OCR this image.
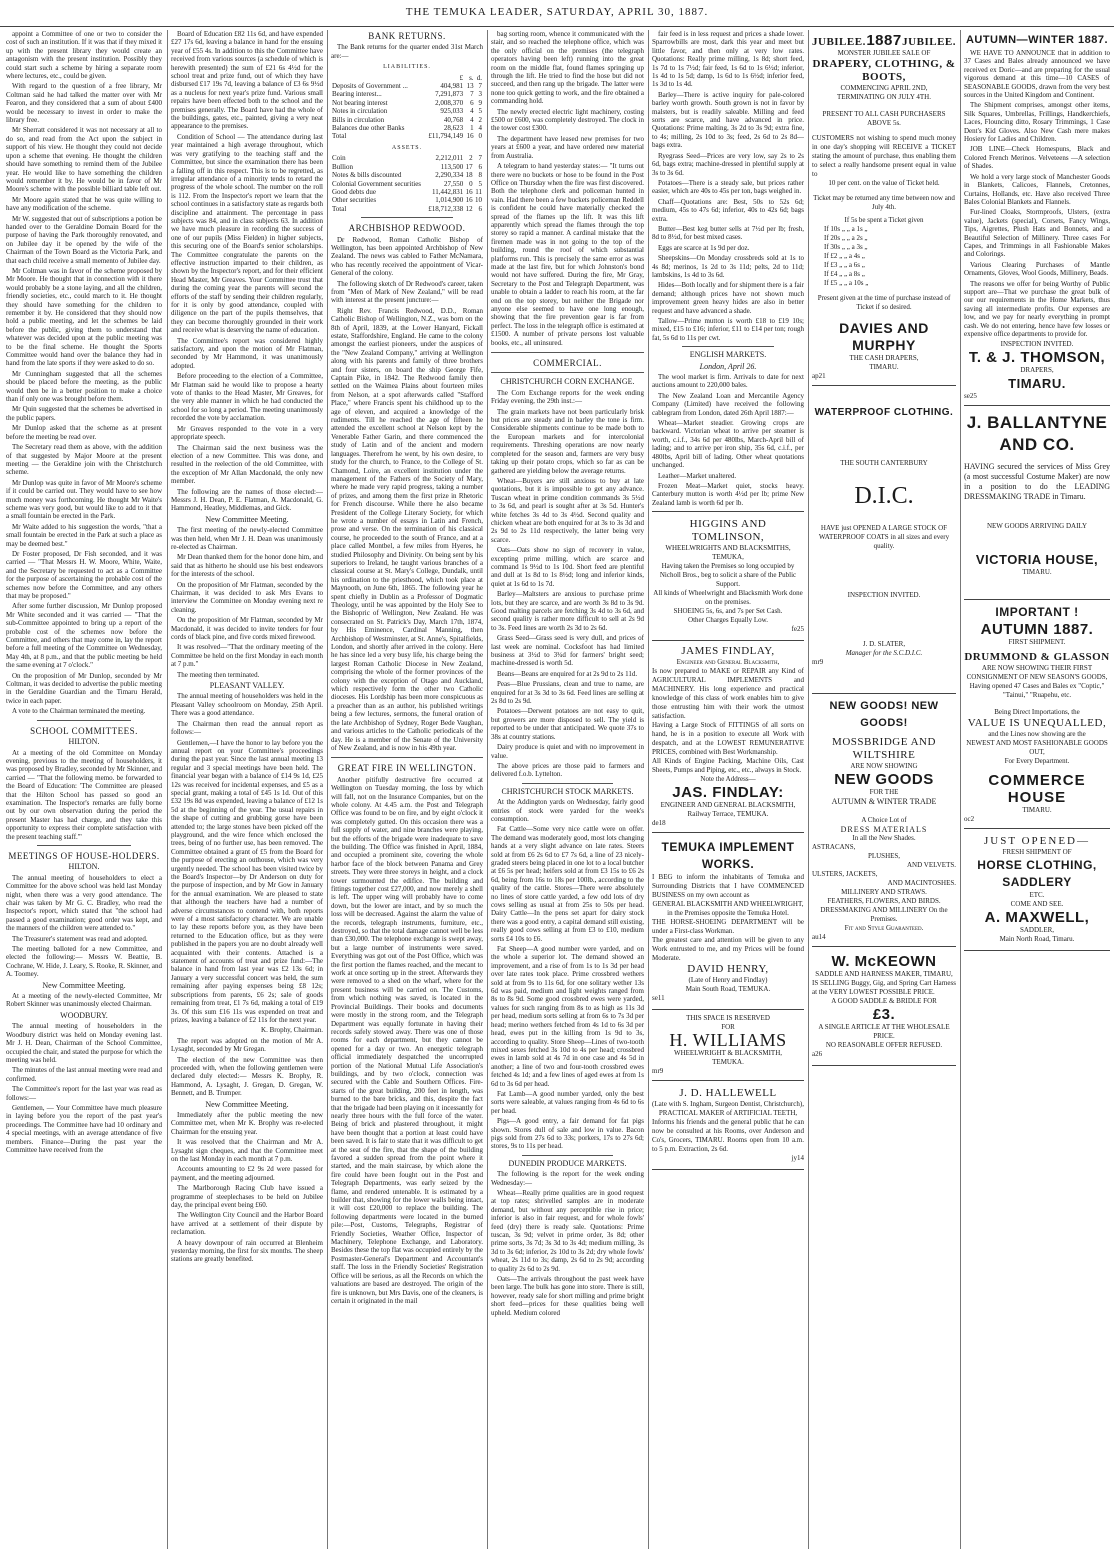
THE TEMUKA LEADER, SATURDAY, APRIL 30, 1887.

appoint a Committee of one or two to consider the cost of such an institution. If it was that if they mixed it up with the present library they would create an antagonism with the present institution. Possibly they could start such a scheme by hiring a separate room where lectures, etc., could be given.

With regard to the question of a free library, Mr Coltman said he had talked the matter over with Mr Fearon, and they considered that a sum of about £400 would be necessary to invest in order to make the library free.

Mr Sherratt considered it was not necessary at all to do so, and read from the Act upon the subject in support of his view. He thought they could not decide upon a scheme that evening. He thought the children should have something to remind them of the Jubilee year. He would like to have something the children would remember it by. He would be in favor of Mr Moore's scheme with the possible billiard table left out.

Mr Moore again stated that he was quite willing to have any modification of the scheme.

Mr W. suggested that out of subscriptions a potion be handed over to the Geraldine Domain Board for the purpose of having the Park thoroughly renovated, and on Jubilee day it be opened by the wife of the Chairman of the Town Board as the Victoria Park, and that each child receive a small memento of Jubilee day.

Mr Coltman was in favor of the scheme proposed by Mr Moore. He thought that in connection with it there would probably be a stone laying, and all the children, friendly societies, etc., could march to it. He thought they should have something for the children to remember it by. He considered that they should now hold a public meeting, and let the schemes be laid before the public, giving them to understand that whatever was decided upon at the public meeting was to be the final scheme. He thought the Sports Committee would hand over the balance they had in hand from the late sports if they were asked to do so.

Mr Cunningham suggested that all the schemes should be placed before the meeting, as the public would then be in a better position to make a choice than if only one was brought before them.

Mr Quin suggested that the schemes be advertised in the public papers.

Mr Dunlop asked that the scheme as at present before the meeting be read over.

The Secretary read them as above, with the addition of that suggested by Major Moore at the present meeting — the Geraldine join with the Christchurch scheme.

Mr Dunlop was quite in favor of Mr Moore's scheme if it could be carried out. They would have to see how much money was forthcoming. He thought Mr Waite's scheme was very good, but would like to add to it that a small fountain be erected in the Park.

Mr Waite added to his suggestion the words, "that a small fountain be erected in the Park at such a place as may be deemed best."

Dr Foster proposed, Dr Fish seconded, and it was carried — "That Messrs H. W. Moore, White, Waite, and the Secretary be requested to act as a Committee for the purpose of ascertaining the probable cost of the schemes now before the Committee, and any others that may be proposed."

After some further discussion, Mr Dunlop proposed Mr White seconded and it was carried — "That the sub-Committee appointed to bring up a report of the probable cost of the schemes now before the Committee, and others that may come in, lay the report before a full meeting of the Committee on Wednesday, May 4th, at 8 p.m., and that the public meeting be held the same evening at 7 o'clock."

On the proposition of Mr Dunlop, seconded by Mr Coltman, it was decided to advertise the public meeting in the Geraldine Guardian and the Timaru Herald, twice in each paper.

A vote to the Chairman terminated the meeting.

SCHOOL COMMITTEES.
HILTON.

At a meeting of the old Committee on Monday evening, previous to the meeting of householders, it was proposed by Bradley, seconded by Mr Skinner, and carried — "That the following memo. be forwarded to the Board of Education: 'The Committee are pleased that the Hilton School has passed so good an examination. The Inspector's remarks are fully borne out by our own observation during the period the present Master has had charge, and they take this opportunity to express their complete satisfaction with the present teaching staff.'"

MEETINGS OF HOUSE-HOLDERS.
HILTON.

The annual meeting of householders to elect a Committee for the above school was held last Monday night, when there was a very good attendance. The chair was taken by Mr G. C. Bradley, who read the Inspector's report, which stated that "the school had passed a good examination; good order was kept, and the manners of the children were attended to."

The Treasurer's statement was read and adopted.

The meeting balloted for a new Committee, and elected the following:— Messrs W. Beattie, B. Cochrane, W. Hide, J. Leary, S. Rooke, R. Skinner, and A. Toomey.

New Committee Meeting.

At a meeting of the newly-elected Committee, Mr Robert Skinner was unanimously elected Chairman.

WOODBURY.

The annual meeting of householders in the Woodbury district was held on Monday evening last. Mr J. H. Dean, Chairman of the School Committee, occupied the chair, and stated the purpose for which the meeting was held.

The minutes of the last annual meeting were read and confirmed.

The Committee's report for the last year was read as follows:—

Gentlemen, — Your Committee have much pleasure in laying before you the report of the past year's proceedings. The Committee have had 10 ordinary and 4 special meetings, with an average attendance of five members. Finance—During the past year the Committee have received from the

Board of Education £82 11s 6d, and have expended £27 17s 6d, leaving a balance in hand for the ensuing year of £55 4s. In addition to this the Committee have received from various sources (a schedule of which is herewith presented) the sum of £21 6s 4½d for the school treat and prize fund, out of which they have disbursed £17 19s 7d, leaving a balance of £3 6s 9½d as a nucleus for next year's prize fund. Various small repairs have been effected both to the school and the premises generally. The Board have had the whole of the buildings, gates, etc., painted, giving a very neat appearance to the premises.

Condition of School — The attendance during last year maintained a high average throughout, which was very gratifying to the teaching staff and the Committee, but since the examination there has been a falling off in this respect. This is to be regretted, as irregular attendance of a minority tends to retard the progress of the whole school. The number on the roll is 112. From the Inspector's report we learn that the school continues in a satisfactory state as regards both discipline and attainment. The percentage in pass subjects was 84, and in class subjects 63. In addition we have much pleasure in recording the success of one of our pupils (Miss Fielden) in higher subjects, this securing one of the Board's senior scholarships. The Committee congratulate the parents on the effective instruction imparted to their children, as shown by the Inspector's report, and for their efficient Head Master, Mr Greaves. Your Committee trust that during the coming year the parents will second the efforts of the staff by sending their children regularly, for it is only by good attendance, coupled with diligence on the part of the pupils themselves, that they can become thoroughly grounded in their work and receive what is deserving the name of education.

The Committee's report was considered highly satisfactory, and upon the motion of Mr Flatman, seconded by Mr Hammond, it was unanimously adopted.

Before proceeding to the election of a Committee, Mr Flatman said he would like to propose a hearty vote of thanks to the Head Master, Mr Greaves, for the very able manner in which he had conducted the school for so long a period. The meeting unanimously recorded the vote by acclamation.

Mr Greaves responded to the vote in a very appropriate speech.

The Chairman said the next business was the election of a new Committee. This was done, and resulted in the reelection of the old Committee, with the exception of Mr Allan Macdonald, the only new member.

The following are the names of those elected:— Messrs J. H. Dean, P. E. Flatman, A. Macdonald, G. Hammond, Heatley, Middlemas, and Gick.

New Committee Meeting.

The first meeting of the newly-elected Committee was then held, when Mr J. H. Dean was unanimously re-elected as Chairman.

Mr Dean thanked them for the honor done him, and said that as hitherto he should use his best endeavors for the interests of the school.

On the proposition of Mr Flatman, seconded by the Chairman, it was decided to ask Mrs Evans to interview the Committee on Monday evening next re cleaning.

On the proposition of Mr Flatman, seconded by Mr Macdonald, it was decided to invite tenders for four cords of black pine, and five cords mixed firewood.

It was resolved—"That the ordinary meeting of the Committee be held on the first Monday in each month at 7 p.m."

The meeting then terminated.

PLEASANT VALLEY.

The annual meeting of householders was held in the Pleasant Valley schoolroom on Monday, 25th April. There was a good attendance.

The Chairman then read the annual report as follows:—

Gentlemen,—I have the honor to lay before you the annual report on your Committee's proceedings during the past year. Since the last annual meeting 13 regular and 3 special meetings have been held. The financial year began with a balance of £14 9s 1d, £25 12s was received for incidental expenses, and £5 as a special grant, making a total of £45 1s 1d. Out of this £32 19s 8d was expended, leaving a balance of £12 1s 5d at the beginning of the year. The usual repairs in the shape of cutting and grubbing gorse have been attended to; the large stones have been picked off the playground, and the wire fence which enclosed the trees, being of no further use, has been removed. The Committee obtained a grant of £5 from the Board for the purpose of erecting an outhouse, which was very urgently needed. The school has been visited twice by the Board's Inspector—by Dr Anderson on duty for the purpose of inspection, and by Mr Gow in January for the annual examination. We are pleased to state that although the teachers have had a number of adverse circumstances to contend with, both reports were of a most satisfactory character. We are unable to lay these reports before you, as they have been returned to the Education office, but as they were published in the papers you are no doubt already well acquainted with their contents. Attached is a statement of accounts of treat and prize fund:—The balance in hand from last year was £2 13s 6d; in January a very successful concert was held, the sum remaining after paying expenses being £8 12s; subscriptions from parents, £6 2s; sale of goods remaining from treat, £1 7s 6d, making a total of £19 3s. Of this sum £16 11s was expended on treat and prizes, leaving a balance of £2 11s for the next year.

K. Brophy, Chairman.

The report was adopted on the motion of Mr A. Lysaght, seconded by Mr Gregan.

The election of the new Committee was then proceeded with, when the following gentlemen were declared duly elected:— Messrs K. Brophy, R. Hammond, A. Lysaght, J. Gregan, D. Gregan, W. Bennett, and B. Trumper.

New Committee Meeting.

Immediately after the public meeting the new Committee met, when Mr K. Brophy was re-elected Chairman for the ensuing year.

It was resolved that the Chairman and Mr A. Lysaght sign cheques, and that the Committee meet on the last Monday in each month at 7 p.m.

Accounts amounting to £2 9s 2d were passed for payment, and the meeting adjourned.

The Marlborough Racing Club have issued a programme of steeplechases to be held on Jubilee day, the principal event being £60.

The Wellington City Council and the Harbor Board have arrived at a settlement of their dispute by reclamation.

A heavy downpour of rain occurred at Blenheim yesterday morning, the first for six months. The sheep stations are greatly benefited.

BANK RETURNS.

The Bank returns for the quarter ended 31st March are:—

LIABILITIES.
	£	s.	d.
Deposits of Government ...	404,981	13	7
Bearing interest...	7,291,873	7	3
Not bearing interest	2,008,370	6	9
Notes in circulation	925,033	4	5
Bills in circulation	40,768	4	2
Balances due other Banks	28,623	1	4
Total	£11,794,149	16	0
ASSETS.
Coin	2,212,011	2	7
Bullion	113,500	17	6
Notes & bills discounted	2,290,334	18	8
Colonial Government securities	27,550	0	5
Good debts due	11,442,831	16	11
Other securities	1,014,900	16	10
Total	£18,712,338	12	6
ARCHBISHOP REDWOOD.

Dr Redwood, Roman Catholic Bishop of Wellington, has been appointed Archbishop of New Zealand. The news was cabled to Father McNamara, who has recently received the appointment of Vicar-General of the colony.

The following sketch of Dr Redwood's career, taken from "Men of Mark of New Zealand," will be read with interest at the present juncture:—

Right Rev. Francis Redwood, D.D., Roman Catholic Bishop of Wellington, N.Z., was born on the 8th of April, 1839, at the Lower Hanyard, Fickall estate, Staffordshire, England. He came to the colony amongst the earliest pioneers, under the auspices of the "New Zealand Company," arriving at Wellington along with his parents and family of three brothers and four sisters, on board the ship George Fife, Captain Pike, in 1842. The Redwood family then settled on the Waimea Plains about fourteen miles from Nelson, at a spot afterwards called "Stafford Place," where Francis spent his childhood up to the age of eleven, and acquired a knowledge of the rudiments. Till he reached the age of fifteen he attended the excellent school at Nelson kept by the Venerable Father Garin, and there commenced the study of Latin and of the ancient and modern languages. Therefrom he went, by his own desire, to study for the church, to France, to the College of St. Chamond, Loire, an excellent institution under the management of the Fathers of the Society of Mary, where he made very rapid progress, taking a number of prizes, and among them the first prize in Rhetoric for French discourse. While there he also became President of the College Literary Society, for which he wrote a number of essays in Latin and French, prose and verse. On the termination of his classical course, he proceeded to the south of France, and at a place called Montbel, a few miles from Hyeres, he studied Philosophy and Divinity. On being sent by his superiors to Ireland, he taught various branches of a classical course at St. Mary's College, Dundalk, until his ordination to the priesthood, which took place at Maynooth, on June 6th, 1865. The following year he spent chiefly in Dublin as a Professor of Dogmatic Theology, until he was appointed by the Holy See to the Bishopric of Wellington, New Zealand. He was consecrated on St. Patrick's Day, March 17th, 1874, by His Eminence, Cardinal Manning, then Archbishop of Westminster, at St. Anne's, Spitalfields, London, and shortly after arrived in the colony. Here he has since led a very busy life, his charge being the largest Roman Catholic Diocese in New Zealand, comprising the whole of the former provinces of the colony with the exception of Otago and Auckland, which respectively form the other two Catholic dioceses. His Lordship has been more conspicuous as a preacher than as an author, his published writings being a few lectures, sermons, the funeral oration of the late Archbishop of Sydney, Roger Bede Vaughan, and various articles to the Catholic periodicals of the day. He is a member of the Senate of the University of New Zealand, and is now in his 49th year.

GREAT FIRE IN WELLINGTON.

Another pitifully destructive fire occurred at Wellington on Tuesday morning, the loss by which will fall, not on the Insurance Companies, but on the whole colony. At 4.45 a.m. the Post and Telegraph Office was found to be on fire, and by eight o'clock it was completely gutted. On this occasion there was a full supply of water, and nine branches were playing, but the efforts of the brigade were inadequate to save the building. The Office was finished in April, 1884, and occupied a prominent site, covering the whole harbor face of the block between Panama and Grey streets. They were three storeys in height, and a clock tower surmounted the edifice. The building and fittings together cost £27,000, and now merely a shell is left. The upper wing will probably have to come down, but the lower are intact, and by so much the loss will be decreased. Against the alarm the value of the records, telegraph instruments, furniture, etc., destroyed, so that the total damage cannot well be less than £30,000. The telephone exchange is swept away, but a large number of instruments were saved. Everything was got out of the Post Office, which was the first portion the flames reached, and the mecant to work at once sorting up in the street. Afterwards they were removed to a shed on the wharf, where for the present business will be carried on. The Customs, from which nothing was saved, is located in the Provincial Buildings. Their books and documents were mostly in the strong room, and the Telegraph Department was equally fortunate in having their records safely stowed away. There was one of those rooms for each department, but they cannot be opened for a day or two. An energetic telegraph official immediately despatched the uncorrupted portion of the National Mutual Life Association's buildings, and by two o'clock, connection was secured with the Cable and Southern Offices. Fire-starts of the great building, 200 feet in length, was burned to the bare bricks, and this, despite the fact that the brigade had been playing on it incessantly for nearly three hours with the full force of the water. Being of brick and plastered throughout, it might have been thought that a portion at least could have been saved. It is fair to state that it was difficult to get at the seat of the fire, that the shape of the building favored a sudden spread from the point where it started, and the main staircase, by which alone the fire could have been fought out in the Post and Telegraph Departments, was early seized by the flame, and rendered untenable. It is estimated by a builder that, showing for the lower walls being intact, it will cost £20,000 to replace the building. The following departments were located in the burned pile:—Post, Customs, Telegraphs, Registrar of Friendly Societies, Weather Office, Inspector of Machinery, Telephone Exchange, and Laboratory. Besides these the top flat was occupied entirely by the Postmaster-General's Department and Accountant's staff. The loss in the Friendly Societies' Registration Office will be serious, as all the Records on which the valuations are based are destroyed. The origin of the fire is unknown, but Mrs Davis, one of the cleaners, is certain it originated in the mail

bag sorting room, whence it communicated with the stair, and so reached the telephone office, which was the only official on the premises (the telegraph operators having been left) running into the great room on the middle flat, found flames springing up through the lift. He tried to find the hose but did not succeed, and then rang up the brigade. The latter were none too quick getting to work, and the fire obtained a commanding hold.

The newly erected electric light machinery, costing £500 or £600, was completely destroyed. The clock in the tower cost £300.

The department have leased new premises for two years at £600 a year, and have ordered new material from Australia.

A telegram to hand yesterday states:— "It turns out there were no buckets or hose to be found in the Post Office on Thursday when the fire was first discovered. Both the telephone clerk and policeman hunted in vain. Had there been a few buckets policeman Reddell is confident he could have materially checked the spread of the flames up the lift. It was this lift apparently which spread the flames through the top storey so rapid a manner. A cardinal mistake that the firemen made was in not going to the top of the building, round the roof of which substantial platforms run. This is precisely the same error as was made at the last fire, but for which Johnston's bond would not have suffered. During the fire, Mr Gray, Secretary to the Post and Telegraph Department, was unable to obtain a ladder to reach his room, at the far end on the top storey, but neither the Brigade nor anyone else seemed to have one long enough, showing that the fire prevention gear is far from perfect. The loss in the telegraph office is estimated at £1500. A number of private persons lost valuable books, etc., all uninsured.

COMMERCIAL.
CHRISTCHURCH CORN EXCHANGE.

The Corn Exchange reports for the week ending Friday evening, the 29th inst.:—

The grain markets have not been particularly brisk but prices are steady and in barley the tone is firm. Considerable shipments continue to be made both to the European markets and for intercolonial requirements. Threshing operations are now nearly completed for the season and, farmers are very busy taking up their potato crops, which so far as can be gathered are yielding below the average returns.

Wheat—Buyers are still anxious to buy at late quotations, but it is impossible to get any advance. Tuscan wheat in prime condition commands 3s 5½d to 3s 6d, and pearl is sought after at 3s 5d. Hunter's white fetches 3s 4d to 3s 4½d. Second quality and chicken wheat are both enquired for at 3s to 3s 3d and 2s 9d to 2s 11d respectively, the latter being very scarce.

Oats—Oats show no sign of recovery in value, excepting prime milling, which are scarce and command 1s 9½d to 1s 10d. Short feed are plentiful and dull at 1s 8d to 1s 8½d; long and inferior kinds, quiet at 1s 6d to 1s 7d.

Barley—Maltsters are anxious to purchase prime lots, but they are scarce, and are worth 3s 8d to 3s 9d. Good malting parcels are fetching 3s 4d to 3s 6d, and second quality is rather more difficult to sell at 2s 9d to 3s. Feed lines are worth 2s 3d to 2s 6d.

Grass Seed—Grass seed is very dull, and prices of last week are nominal. Cocksfoot has had limited business at 3½d to 3¾d for farmers' bright seed; machine-dressed is worth 5d.

Beans—Beans are enquired for at 2s 9d to 2s 11d.

Peas—Blue Prussians, clean and true to name, are enquired for at 3s 3d to 3s 6d. Feed lines are selling at 2s 8d to 2s 9d.

Potatoes—Derwent potatoes are not easy to quit, but growers are more disposed to sell. The yield is reported to be under that anticipated. We quote 37s to 38s at country stations.

Dairy produce is quiet and with no improvement in value.

The above prices are those paid to farmers and delivered f.o.b. Lyttelton.

CHRISTCHURCH STOCK MARKETS.

At the Addington yards on Wednesday, fairly good entries of stock were yarded for the week's consumption.

Fat Cattle—Some very nice cattle were on offer. The demand was moderately good, most lots changing hands at a very slight advance on late rates. Steers sold at from £6 2s 6d to £7 7s 6d, a line of 23 nicely-graded steers being placed in one lot to a local butcher at £6 5s per head; heifers sold at from £3 15s to £6 2s 6d, being from 16s to 18s per 100lb., according to the quality of the cattle. Stores—There were absolutely no lines of store cattle yarded, a few odd lots of dry cows selling as usual at from 25s to 50s per head. Dairy Cattle—In the pens set apart for dairy stock there was a good entry, a capital demand still existing, really good cows selling at from £3 to £10, medium sorts £4 10s to £6.

Fat Sheep—A good number were yarded, and on the whole a superior lot. The demand showed an improvement, and a rise of from 1s to 1s 3d per head over late rates took place. Prime crossbred wethers sold at from 9s to 11s 6d, for one solitary wether 13s 6d was paid, medium and light weights ranged from 8s to 8s 9d. Some good crossbred ewes were yarded, values for such ranging from 8s to as high as 11s 3d per head, medium sorts selling at from 6s to 7s 3d per head; merino wethers fetched from 4s 1d to 6s 3d per head, ewes put in the killing from 1s 9d to 3s, according to quality. Store Sheep—Lines of two-tooth mixed sexes fetched 3s 10d to 4s per head; crossbred ewes in lamb sold at 4s 7d in one case and 4s 5d in another; a line of two and four-tooth crossbred ewes fetched 4s 1d; and a few lines of aged ewes at from 1s 6d to 3s 6d per head.

Fat Lamb—A good number yarded, only the best sorts were saleable, at values ranging from 4s 6d to 6s per head.

Pigs—A good entry, a fair demand for fat pigs shown. Stores dull of sale and low in value. Bacon pigs sold from 27s 6d to 33s; porkers, 17s to 27s 6d; stores, 9s to 11s per head.

DUNEDIN PRODUCE MARKETS.

The following is the report for the week ending Wednesday:—

Wheat—Really prime qualities are in good request at top rates; shrivelled samples are in moderate demand, but without any perceptible rise in price; inferior is also in fair request, and for whole fowls' feed (dry) there is ready sale. Quotations: Prime tuscan, 3s 9d; velvet in prime order, 3s 8d; other prime sorts, 3s 7d; 3s 3d to 3s 4d; medium milling, 3s 3d to 3s 6d; inferior, 2s 10d to 3s 2d; dry whole fowls' wheat, 2s 11d to 3s; damp, 2s 6d to 2s 9d; according to quality 2s 6d to 2s 9d.

Oats—The arrivals throughout the past week have been large. The bulk has gone into store. There is still, however, ready sale for short milling and prime bright short feed—prices for these qualities being well upheld. Medium colored

fair feed is in less request and prices a shade lower. Sparrowbills are most, dark this year and meet but little favor, and then only at very low rates. Quotations: Really prime milling, 1s 8d; short feed, 1s 7d to 1s 7½d; fair feed, 1s 6d to 1s 6½d; inferior, 1s 4d to 1s 5d; damp, 1s 6d to 1s 6½d; inferior feed, 1s 3d to 1s 4d.

Barley—There is active inquiry for pale-colored barley worth growth. South grown is not in favor by malsters, but is readily saleable. Milling and feed sorts are scarce, and have advanced in price. Quotations: Prime malting, 3s 2d to 3s 9d; extra fine, to 4s; milling, 2s 10d to 3s; feed, 2s 6d to 2s 8d—bags extra.

Ryegrass Seed—Prices are very low, say 2s to 2s 6d, bags extra; machine-dressed in plentiful supply at 3s to 3s 6d.

Potatoes—There is a steady sale, but prices rather easier, which are 40s to 45s per ton, bags weighed in.

Chaff—Quotations are: Best, 50s to 52s 6d; medium, 45s to 47s 6d; inferior, 40s to 42s 6d; bags extra.

Butter—Best keg butter sells at 7½d per lb; fresh, 8d to 8½d, for best mixed cases.

Eggs are scarce at 1s 9d per doz.

Sheepskins—On Monday crossbreds sold at 1s to 4s 8d; merinos, 1s 2d to 3s 11d; pelts, 2d to 11d; lambskins, 1s 4d to 3s 6d.

Hides—Both locally and for shipment there is a fair demand; although prices have not shown much improvement green heavy hides are also in better request and have advanced a shade.

Tallow—Prime mutton is worth £18 to £19 10s; mixed, £15 to £16; inferior, £11 to £14 per ton; rough fat, 5s 6d to 11s per cwt.

ENGLISH MARKETS.
London, April 26.

The wool market is firm. Arrivals to date for next auctions amount to 220,000 bales.

The New Zealand Loan and Mercantile Agency Company (Limited) have received the following cablegram from London, dated 26th April 1887:—

Wheat—Market steadier. Growing crops are backward. Victorian wheat to arrive per steamer is worth, c.i.f., 34s 6d per 480lbs, March-April bill of lading; and to arrive per iron ship, 35s 6d, c.i.f., per 480lbs, April bill of lading. Other wheat quotations unchanged.

Leather—Market unaltered.

Frozen Meat—Market quiet, stocks heavy. Canterbury mutton is worth 4½d per lb; prime New Zealand lamb is worth 6d per lb.

HIGGINS AND TOMLINSON,
WHEELWRIGHTS AND BLACKSMITHS, TEMUKA,
Having taken the Premises so long occupied by Nicholl Bros., beg to solicit a share of the Public Support.
All kinds of Wheelwright and Blacksmith Work done on the premises.
SHOEING 5s, 6s, and 7s per Set Cash.
Other Charges Equally Low.
fe25
JAMES FINDLAY,
Engineer and General Blacksmith,
Is now prepared to MAKE or REPAIR any Kind of AGRICULTURAL IMPLEMENTS and MACHINERY. His long experience and practical knowledge of this class of work enables him to give those entrusting him with their work the utmost satisfaction.
Having a Large Stock of FITTINGS of all sorts on hand, he is in a position to execute all Work with despatch, and at the LOWEST REMUNERATIVE PRICES, combined with Best Workmanship.
All Kinds of Engine Packing, Machine Oils, Cast Sheets, Pumps and Piping, etc., etc., always in Stock.
Note the Address—
JAS. FINDLAY:
ENGINEER AND GENERAL BLACKSMITH,
Railway Terrace, TEMUKA.
de18
TEMUKA IMPLEMENT WORKS.
I BEG to inform the inhabitants of Temuka and Surrounding Districts that I have COMMENCED BUSINESS on my own account as
GENERAL BLACKSMITH AND WHEELWRIGHT,
in the Premises opposite the Temuka Hotel.
THE HORSE-SHOEING DEPARTMENT will be under a First-class Workman.
The greatest care and attention will be given to any Work entrusted to me, and my Prices will be found Moderate.
DAVID HENRY,
(Late of Henry and Findlay)
Main South Road, TEMUKA.
se11
THIS SPACE IS RESERVED
FOR
H. WILLIAMS
WHEELWRIGHT & BLACKSMITH,
TEMUKA.
mr9
J. D. HALLEWELL
(Late with S. Ingham, Surgeon Dentist, Christchurch),
PRACTICAL MAKER of ARTIFICIAL TEETH,
Informs his friends and the general public that he can now be consulted at his Rooms, over Anderson and Co's, Grocers, TIMARU. Rooms open from 10 a.m. to 5 p.m. Extraction, 2s 6d.
jy14
JUBILEE. 1887 JUBILEE.
MONSTER JUBILEE SALE OF
DRAPERY, CLOTHING, & BOOTS,
COMMENCING APRIL 2ND,
TERMINATING ON JULY 4TH.
PRESENT TO ALL CASH PURCHASERS ABOVE 5s.
CUSTOMERS not wishing to spend much money in one day's shopping will RECEIVE a TICKET stating the amount of purchase, thus enabling them to select a really handsome present equal in value to
10 per cent. on the value of Ticket held.
Ticket may be returned any time between now and July 4th.
If 5s be spent a Ticket given
If 10s „ „ a 1s „
If 20s „ „ a 2s „
If 30s „ „ a 3s „
If £2 „ „ a 4s „
If £3 „ „ a 6s „
If £4 „ „ a 8s „
If £5 „ „ a 10s „
Present given at the time of purchase instead of Ticket if so desired.
DAVIES AND MURPHY
THE CASH DRAPERS,
TIMARU.
ap21
WATERPROOF CLOTHING.
THE SOUTH CANTERBURY
D.I.C.
HAVE just OPENED A LARGE STOCK OF WATERPROOF COATS in all sizes and every quality.
INSPECTION INVITED.
J. D. SLATER,
Manager for the S.C.D.I.C.
mr9
NEW GOODS! NEW GOODS!
MOSSBRIDGE AND WILTSHIRE
ARE NOW SHOWING
NEW GOODS
FOR THE
AUTUMN & WINTER TRADE
A Choice Lot of
DRESS MATERIALS
In all the New Shades.
ASTRACANS,
PLUSHES,
AND VELVETS.
ULSTERS, JACKETS,
AND MACINTOSHES.
MILLINERY AND STRAWS.
FEATHERS, FLOWERS, AND BIRDS.
DRESSMAKING AND MILLINERY On the Premises.
Fit and Style Guaranteed.
au14
W. McKEOWN
SADDLE AND HARNESS MAKER, TIMARU,
IS SELLING Buggy, Gig, and Spring Cart Harness at the VERY LOWEST POSSIBLE PRICE.
A GOOD SADDLE & BRIDLE FOR
£3.
A SINGLE ARTICLE AT THE WHOLESALE PRICE.
NO REASONABLE OFFER REFUSED.
a26
AUTUMN—WINTER 1887.

WE HAVE TO ANNOUNCE that in addition to 37 Cases and Bales already announced we have received ex Doric—and are preparing for the usual vigorous demand at this time—10 CASES of SEASONABLE GOODS, drawn from the very best sources in the United Kingdom and Continent.

The Shipment comprises, amongst other items, Silk Squares, Umbrellas, Frillings, Handkerchiefs, Laces, Flouncing ditto, Rosary Trimmings, 1 Case Dent's Kid Gloves. Also New Cash mere makes Hosiery for Ladies and Children.

JOB LINE—Check Homespuns, Black and Colored French Merinos. Velveteens —A selection of Shades.

We hold a very large stock of Manchester Goods in Blankets, Calicoes, Flannels, Cretonnes, Curtains, Hollands, etc. Have also received Three Bales Colonial Blankets and Flannels.

Fur-lined Cloaks, Stormproofs, Ulsters, (extra value), Jackets (special), Corsets, Fancy Wings, Tips, Aigrettes, Plush Hats and Bonnets, and a Beautiful Selection of Millinery. Three cases For Capes, and Trimmings in all Fashionable Makes and Colorings.

Various Clearing Purchases of Mantle Ornaments, Gloves, Wool Goods, Millinery, Beads.

The reasons we offer for being Worthy of Public support are—That we purchase the great bulk of our our requirements in the Home Markets, thus saving all intermediate profits. Our expenses are low, and we pay for nearly everything in prompt cash. We do not entering, hence have few losses or expensive office departments to provide for.

INSPECTION INVITED.
T. & J. THOMSON,
DRAPERS,
TIMARU.
se25
J. BALLANTYNE AND CO.
HAVING secured the services of Miss Grey (a most successful Costume Maker) are now in a position to do the LEADING DRESSMAKING TRADE in Timaru.
NEW GOODS ARRIVING DAILY
VICTORIA HOUSE,
TIMARU.
IMPORTANT !
AUTUMN 1887.
FIRST SHIPMENT.
DRUMMOND & GLASSON
ARE NOW SHOWING THEIR FIRST CONSIGNMENT OF NEW SEASON'S GOODS,
Having opened 47 Cases and Bales ex "Coptic," "Tainui," "Ruapehu, etc.
Being Direct Importations, the
VALUE IS UNEQUALLED,
and the Lines now showing are the
NEWEST AND MOST FASHIONABLE GOODS OUT,
For Every Department.
COMMERCE HOUSE
TIMARU.
oc2
JUST OPENED—
FRESH SHIPMENT OF
HORSE CLOTHING, SADDLERY
ETC.
COME AND SEE.
A. MAXWELL,
SADDLER,
Main North Road, Timaru.
